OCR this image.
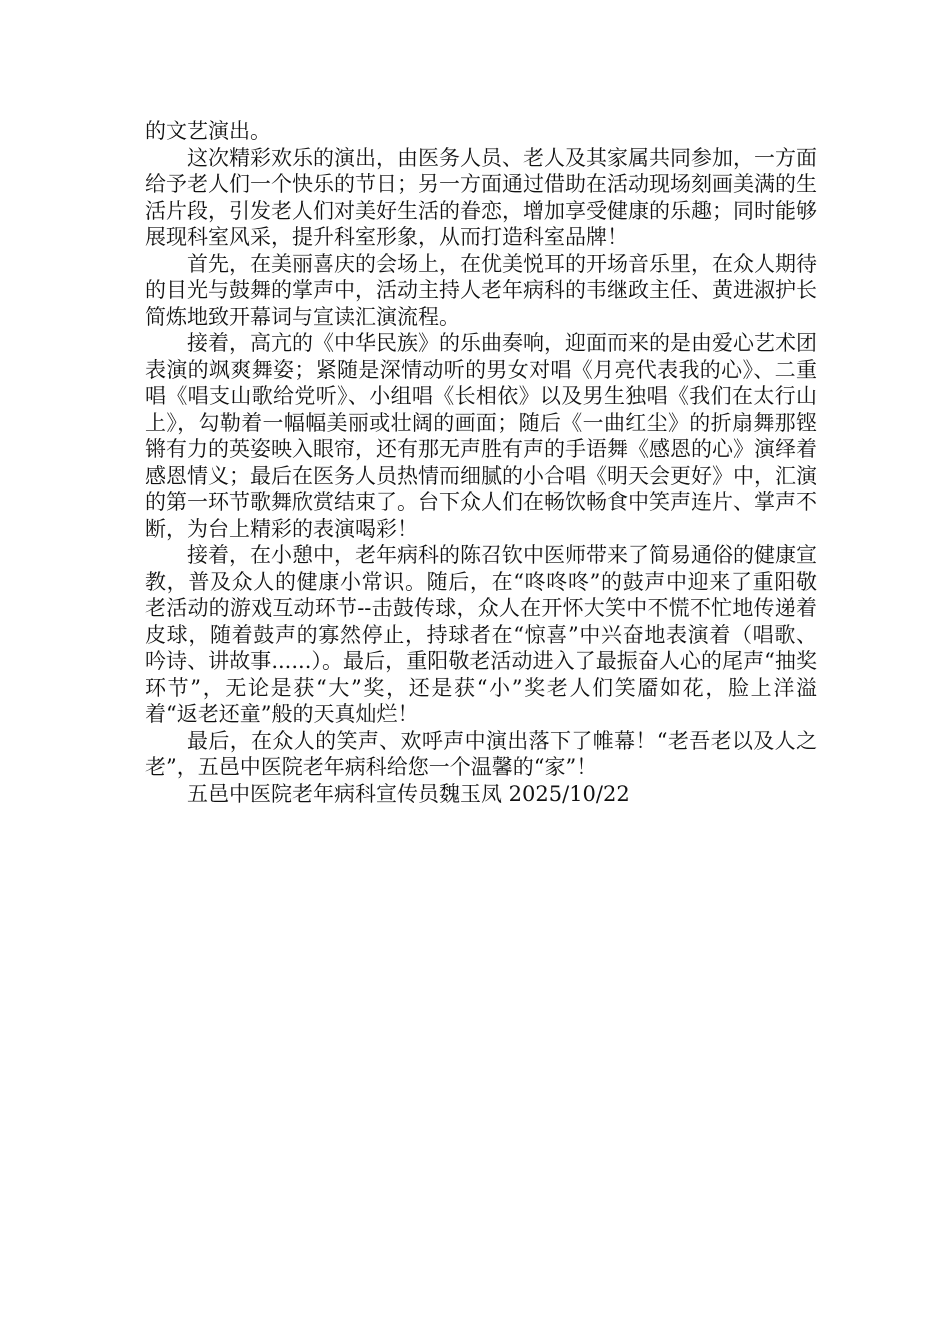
的文艺演出。

这次精彩欢乐的演出，由医务人员、老人及其家属共同参加，一方面给予老人们一个快乐的节日；另一方面通过借助在活动现场刻画美满的生活片段，引发老人们对美好生活的眷恋，增加享受健康的乐趣；同时能够展现科室风采，提升科室形象，从而打造科室品牌！

首先，在美丽喜庆的会场上，在优美悦耳的开场音乐里，在众人期待的目光与鼓舞的掌声中，活动主持人老年病科的韦继政主任、黄进淑护长简炼地致开幕词与宣读汇演流程。

接着，高亢的《中华民族》的乐曲奏响，迎面而来的是由爱心艺术团表演的飒爽舞姿；紧随是深情动听的男女对唱《月亮代表我的心》、二重唱《唱支山歌给党听》、小组唱《长相依》以及男生独唱《我们在太行山上》，勾勒着一幅幅美丽或壮阔的画面；随后《一曲红尘》的折扇舞那铿锵有力的英姿映入眼帘，还有那无声胜有声的手语舞《感恩的心》演绎着感恩情义；最后在医务人员热情而细腻的小合唱《明天会更好》中，汇演的第一环节歌舞欣赏结束了。台下众人们在畅饮畅食中笑声连片、掌声不断，为台上精彩的表演喝彩！

接着，在小憩中，老年病科的陈召钦中医师带来了简易通俗的健康宣教，普及众人的健康小常识。随后，在“咚咚咚”的鼓声中迎来了重阳敬老活动的游戏互动环节--击鼓传球，众人在开怀大笑中不慌不忙地传递着皮球，随着鼓声的寡然停止，持球者在“惊喜”中兴奋地表演着（唱歌、吟诗、讲故事......）。最后，重阳敬老活动进入了最振奋人心的尾声“抽奖环节”，无论是获“大”奖，还是获“小”奖老人们笑靥如花，脸上洋溢着“返老还童”般的天真灿烂！

最后，在众人的笑声、欢呼声中演出落下了帷幕！“老吾老以及人之老”，五邑中医院老年病科给您一个温馨的“家”！

五邑中医院老年病科宣传员魏玉凤 2025/10/22
